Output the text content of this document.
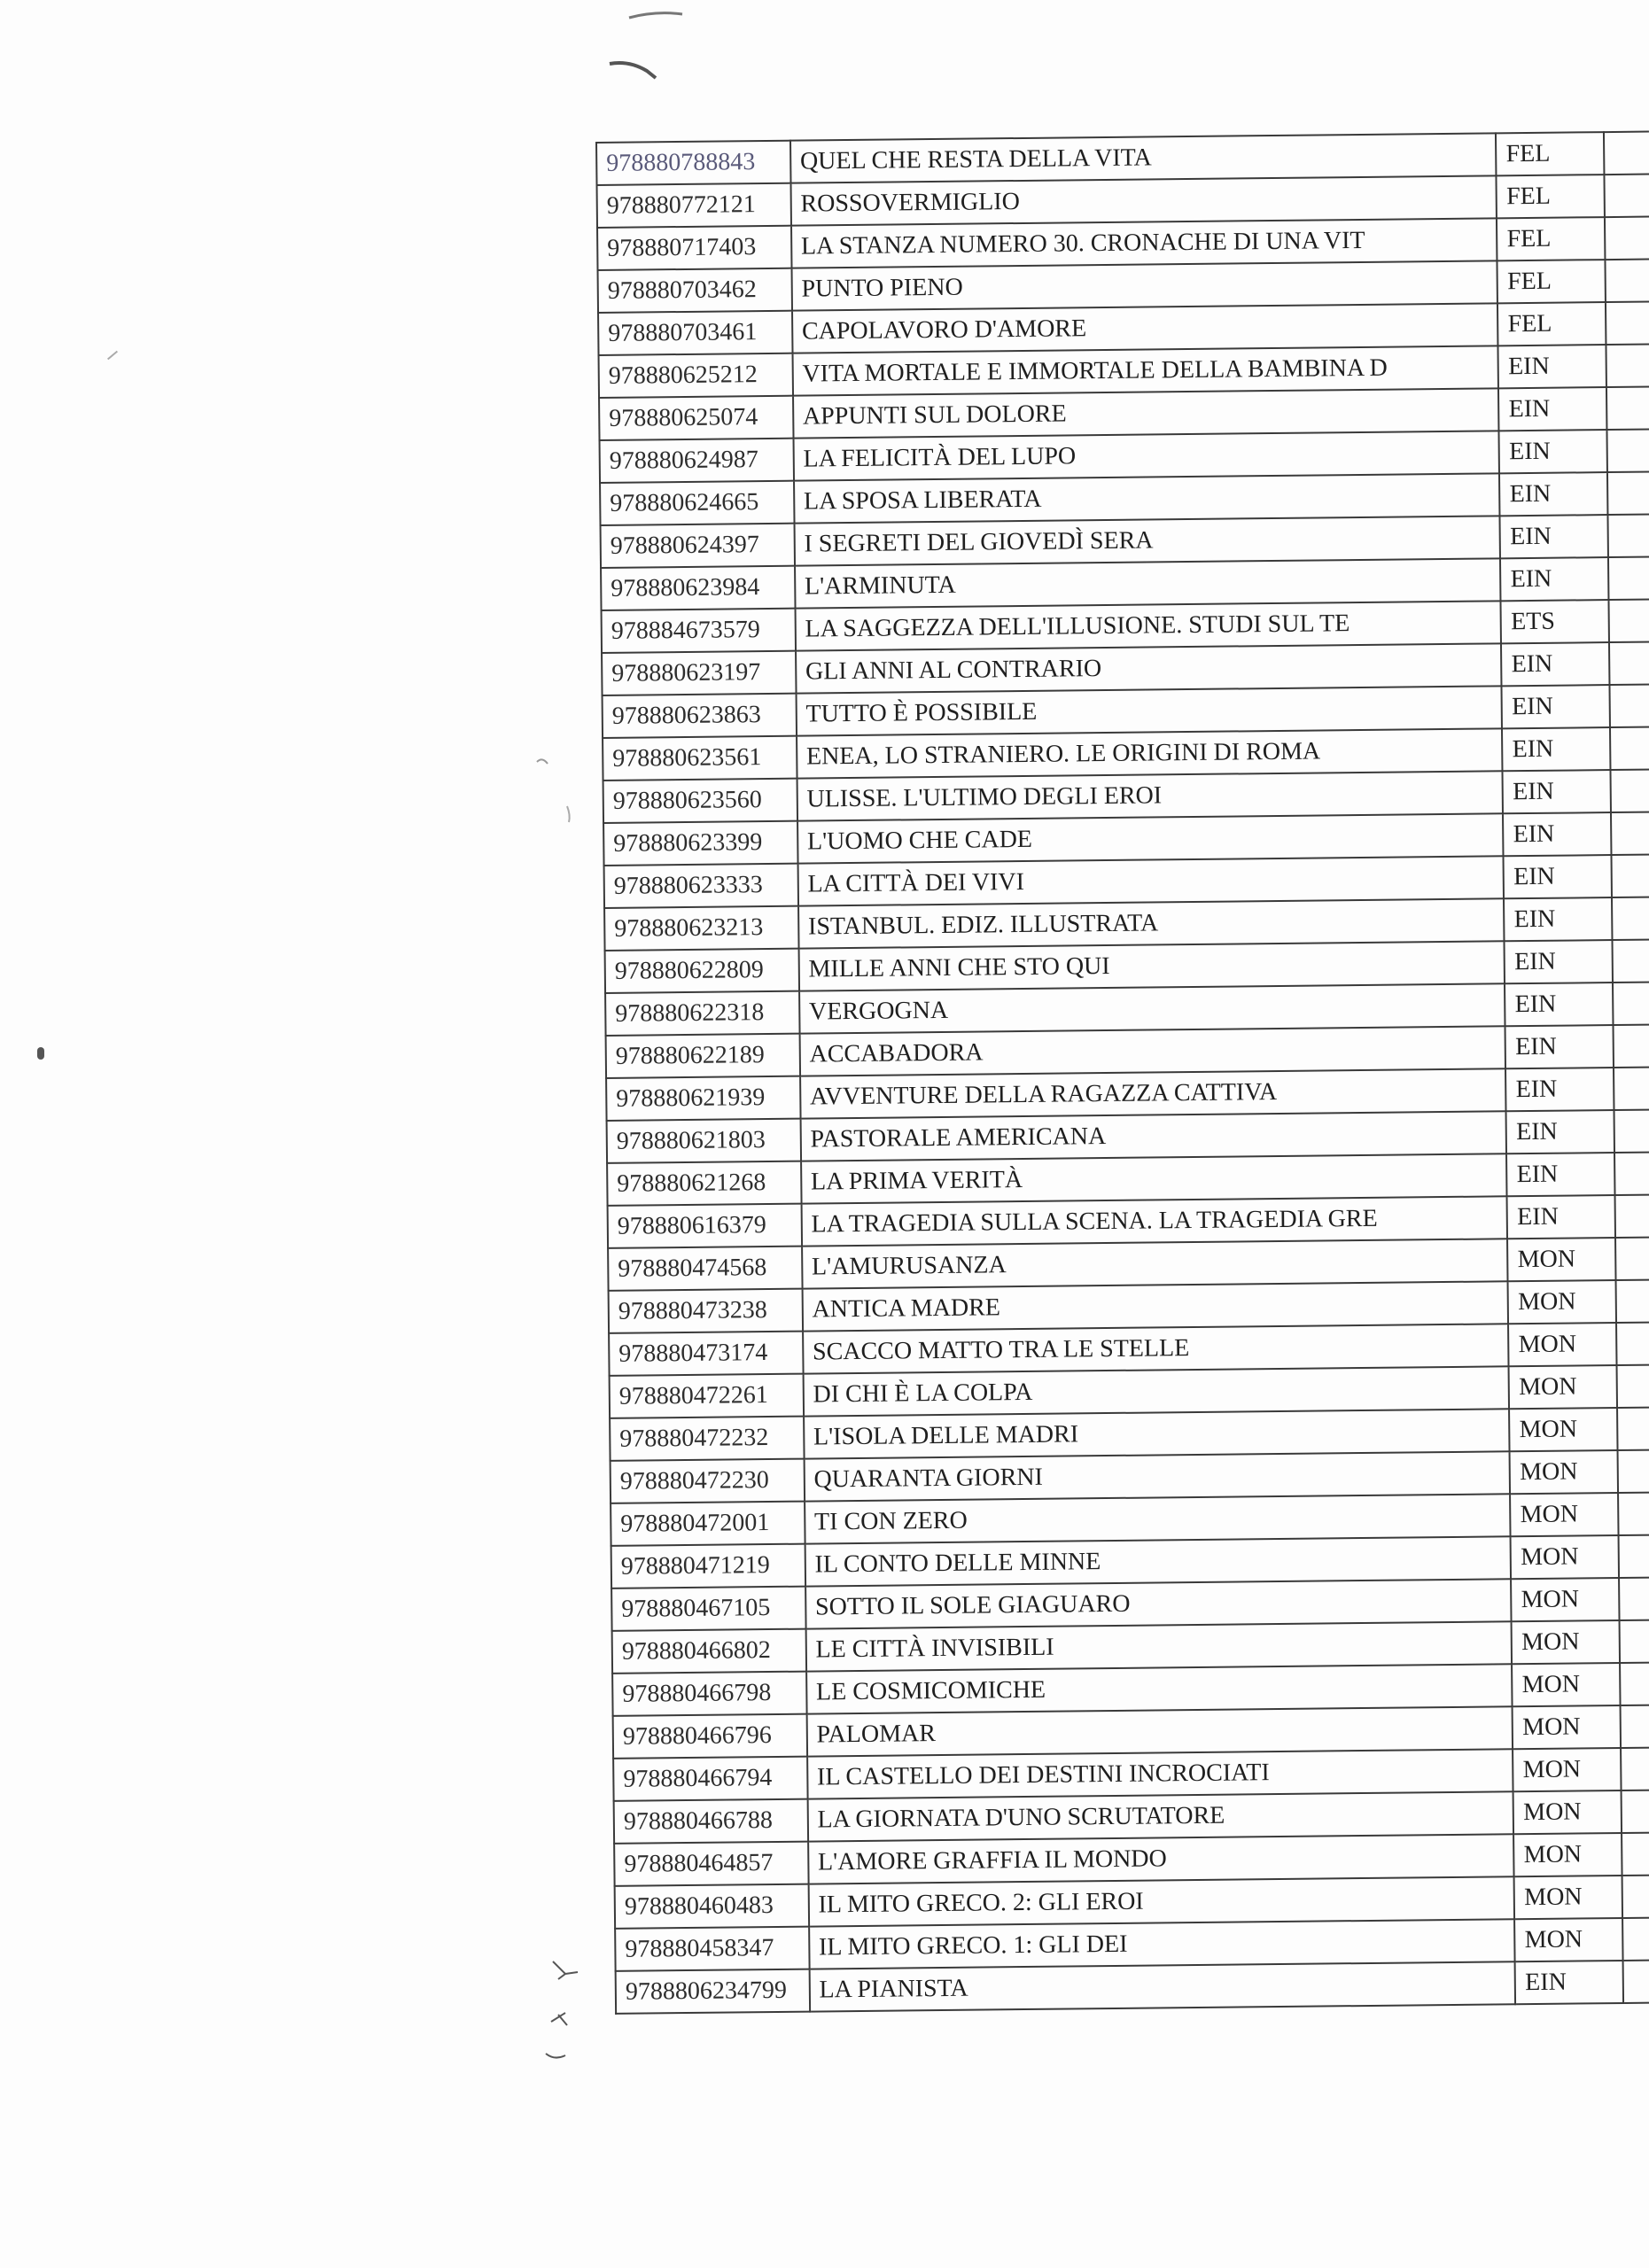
978880788843	QUEL CHE RESTA DELLA VITA	FEL	
978880772121	ROSSOVERMIGLIO	FEL	
978880717403	LA STANZA NUMERO 30. CRONACHE DI UNA VIT	FEL	
978880703462	PUNTO PIENO	FEL	
978880703461	CAPOLAVORO D'AMORE	FEL	
978880625212	VITA MORTALE E IMMORTALE DELLA BAMBINA D	EIN	
978880625074	APPUNTI SUL DOLORE	EIN	
978880624987	LA FELICITÀ DEL LUPO	EIN	
978880624665	LA SPOSA LIBERATA	EIN	
978880624397	I SEGRETI DEL GIOVEDÌ SERA	EIN	
978880623984	L'ARMINUTA	EIN	
978884673579	LA SAGGEZZA DELL'ILLUSIONE. STUDI SUL TE	ETS	
978880623197	GLI ANNI AL CONTRARIO	EIN	
978880623863	TUTTO È POSSIBILE	EIN	
978880623561	ENEA, LO STRANIERO. LE ORIGINI DI ROMA	EIN	
978880623560	ULISSE. L'ULTIMO DEGLI EROI	EIN	
978880623399	L'UOMO CHE CADE	EIN	
978880623333	LA CITTÀ DEI VIVI	EIN	
978880623213	ISTANBUL. EDIZ. ILLUSTRATA	EIN	
978880622809	MILLE ANNI CHE STO QUI	EIN	
978880622318	VERGOGNA	EIN	
978880622189	ACCABADORA	EIN	
978880621939	AVVENTURE DELLA RAGAZZA CATTIVA	EIN	
978880621803	PASTORALE AMERICANA	EIN	
978880621268	LA PRIMA VERITÀ	EIN	
978880616379	LA TRAGEDIA SULLA SCENA. LA TRAGEDIA GRE	EIN	
978880474568	L'AMURUSANZA	MON	
978880473238	ANTICA MADRE	MON	
978880473174	SCACCO MATTO TRA LE STELLE	MON	
978880472261	DI CHI È LA COLPA	MON	
978880472232	L'ISOLA DELLE MADRI	MON	
978880472230	QUARANTA GIORNI	MON	
978880472001	TI CON ZERO	MON	
978880471219	IL CONTO DELLE MINNE	MON	
978880467105	SOTTO IL SOLE GIAGUARO	MON	
978880466802	LE CITTÀ INVISIBILI	MON	
978880466798	LE COSMICOMICHE	MON	
978880466796	PALOMAR	MON	
978880466794	IL CASTELLO DEI DESTINI INCROCIATI	MON	
978880466788	LA GIORNATA D'UNO SCRUTATORE	MON	
978880464857	L'AMORE GRAFFIA IL MONDO	MON	
978880460483	IL MITO GRECO. 2: GLI EROI	MON	
978880458347	IL MITO GRECO. 1: GLI DEI	MON	
9788806234799	LA PIANISTA	EIN	
